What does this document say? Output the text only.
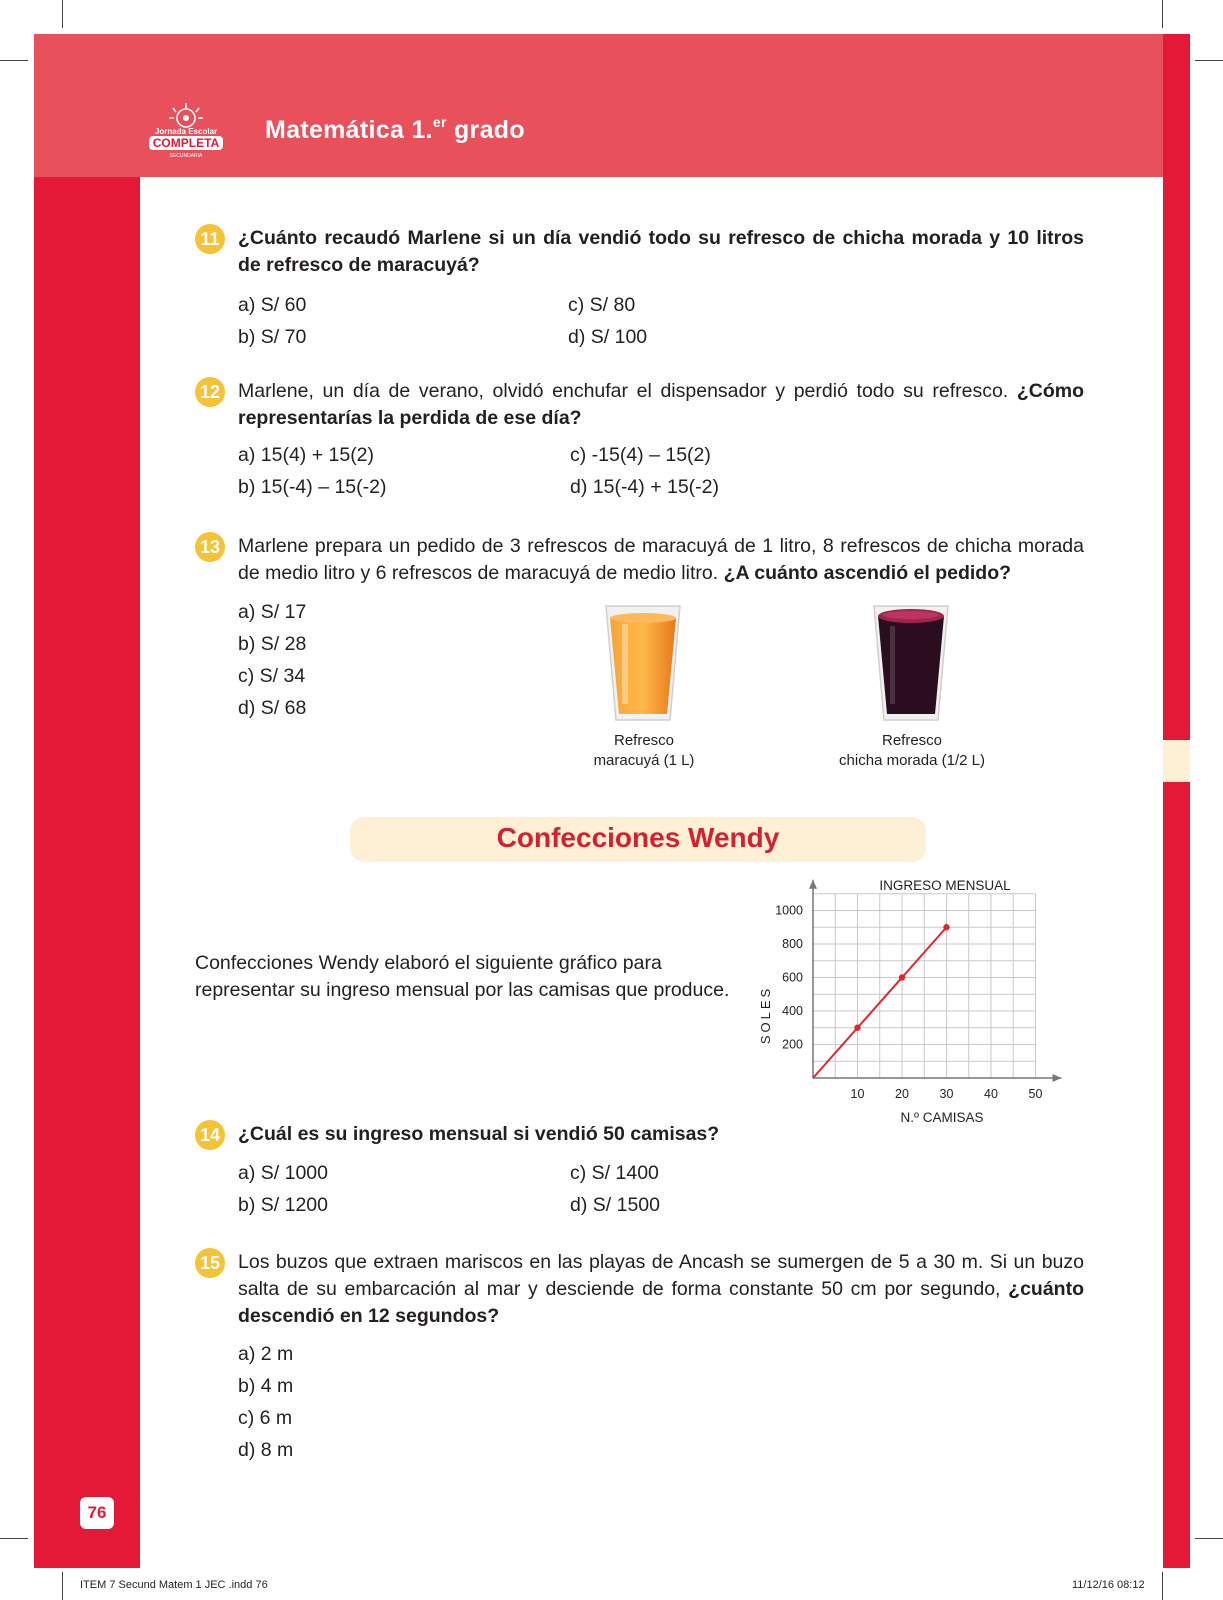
Jornada Escolar
COMPLETA
SECUNDARIA
Matemática 1.$^{er}$ grado
11 ¿Cuánto recaudó Marlene si un día vendió todo su refresco de chicha morada y 10 litros de refresco de maracuyá?
a) S/ 60	c) S/ 80
b) S/ 70	d) S/ 100
12 Marlene, un día de verano, olvidó enchufar el dispensador y perdió todo su refresco. ¿Cómo representarías la perdida de ese día?
a) 15(4) + 15(2)	c) -15(4) – 15(2)
b) 15(-4) – 15(-2)	d) 15(-4) + 15(-2)
13 Marlene prepara un pedido de 3 refrescos de maracuyá de 1 litro, 8 refrescos de chicha morada de medio litro y 6 refrescos de maracuyá de medio litro. ¿A cuánto ascendió el pedido?
a) S/ 17
b) S/ 28
c) S/ 34
d) S/ 68
Refresco
maracuyá (1 L)
Refresco
chicha morada (1/2 L)
Confecciones Wendy
Confecciones Wendy elaboró el siguiente gráfico para representar su ingreso mensual por las camisas que produce.
INGRESO MENSUAL
SOLES
N.º CAMISAS
10 20 30 40 50
200
400
600
800
1000
14 ¿Cuál es su ingreso mensual si vendió 50 camisas?
a) S/ 1000	c) S/ 1400
b) S/ 1200	d) S/ 1500
15 Los buzos que extraen mariscos en las playas de Ancash se sumergen de 5 a 30 m. Si un buzo salta de su embarcación al mar y desciende de forma constante 50 cm por segundo, ¿cuánto descendió en 12 segundos?
a) 2 m
b) 4 m
c) 6 m
d) 8 m
76
ITEM 7 Secund Matem 1 JEC .indd 76	11/12/16 08:12
